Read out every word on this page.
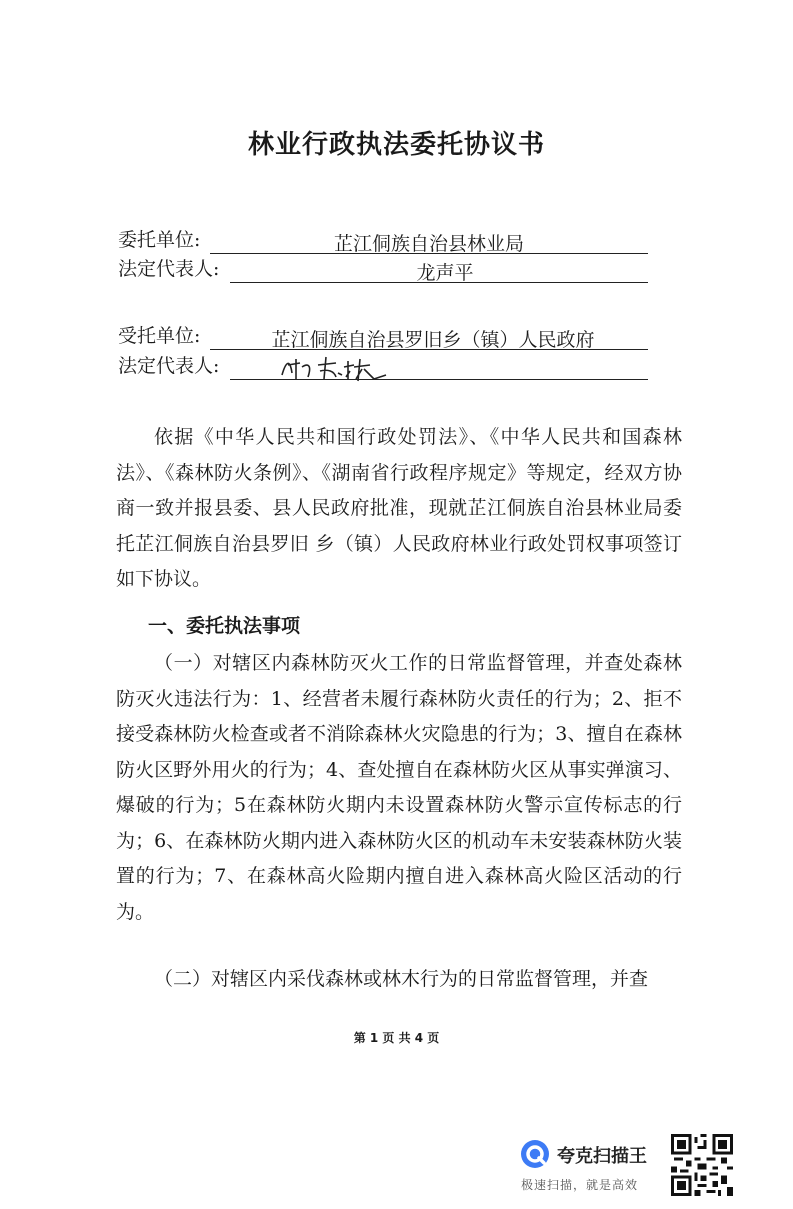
林业行政执法委托协议书
委托单位:	芷江侗族自治县林业局
法定代表人:	龙声平
受托单位:	芷江侗族自治县罗旧乡（镇）人民政府
法定代表人:

依据《中华人民共和国行政处罚法》、《中华人民共和国森林法》、《森林防火条例》、《湖南省行政程序规定》等规定，经双方协商一致并报县委、县人民政府批准，现就芷江侗族自治县林业局委托芷江侗族自治县罗旧 乡（镇）人民政府林业行政处罚权事项签订如下协议。

一、委托执法事项

（一）对辖区内森林防灭火工作的日常监督管理，并查处森林防灭火违法行为：1、经营者未履行森林防火责任的行为；2、拒不接受森林防火检查或者不消除森林火灾隐患的行为；3、擅自在森林防火区野外用火的行为；4、查处擅自在森林防火区从事实弹演习、爆破的行为；5在森林防火期内未设置森林防火警示宣传标志的行为；6、在森林防火期内进入森林防火区的机动车未安装森林防火装置的行为；7、在森林高火险期内擅自进入森林高火险区活动的行为。

（二）对辖区内采伐森林或林木行为的日常监督管理，并查

第 1 页 共 4 页
夸克扫描王
极速扫描，就是高效
